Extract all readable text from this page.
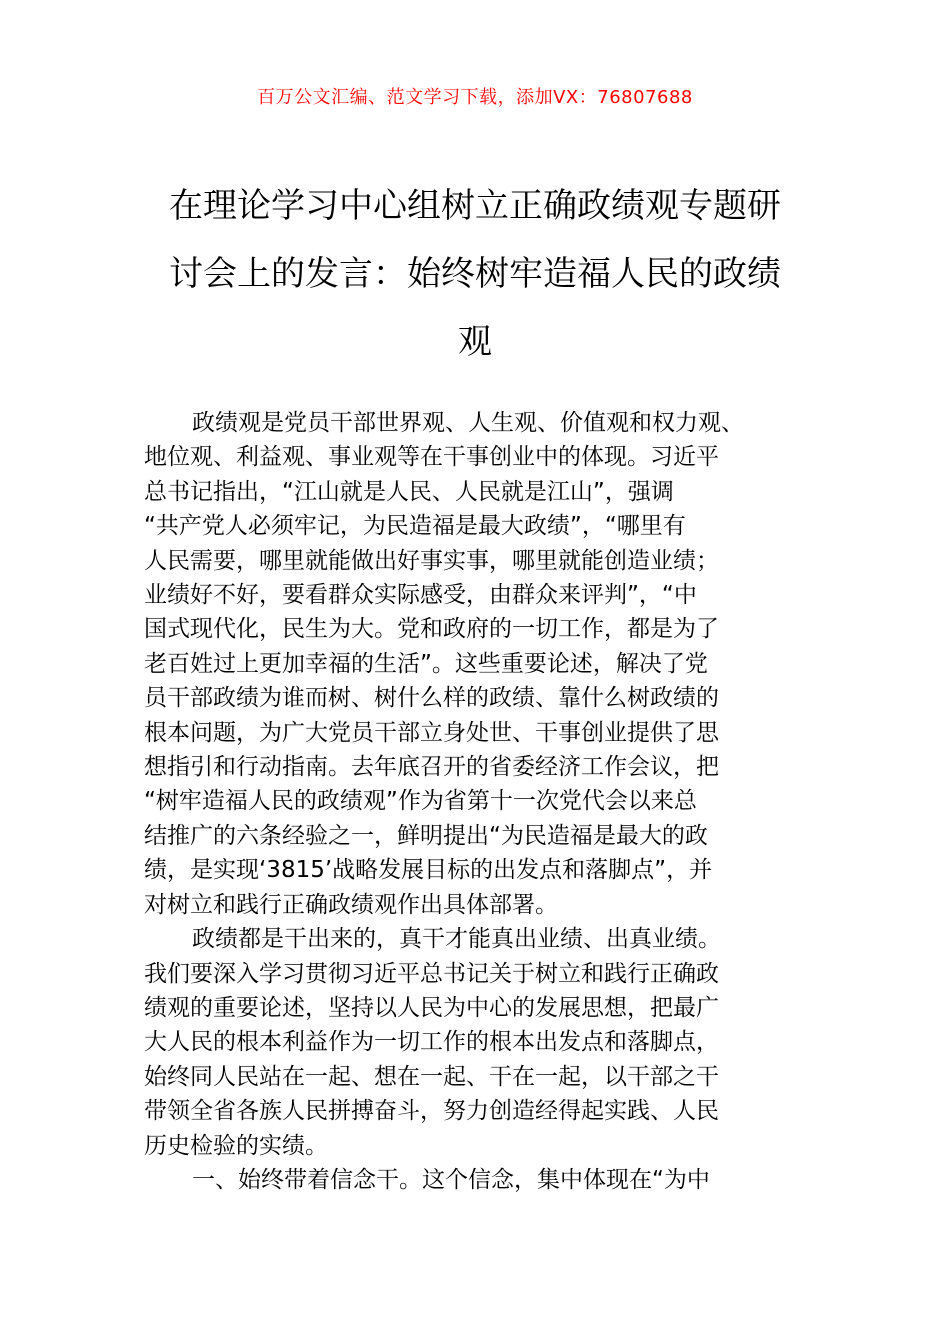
百万公文汇编、范文学习下载，添加VX：76807688
在理论学习中心组树立正确政绩观专题研
讨会上的发言：始终树牢造福人民的政绩
观

政绩观是党员干部世界观、人生观、价值观和权力观、
地位观、利益观、事业观等在干事创业中的体现。习近平
总书记指出，“江山就是人民、人民就是江山”，强调
“共产党人必须牢记，为民造福是最大政绩”，“哪里有
人民需要，哪里就能做出好事实事，哪里就能创造业绩；
业绩好不好，要看群众实际感受，由群众来评判”，“中
国式现代化，民生为大。党和政府的一切工作，都是为了
老百姓过上更加幸福的生活”。这些重要论述，解决了党
员干部政绩为谁而树、树什么样的政绩、靠什么树政绩的
根本问题，为广大党员干部立身处世、干事创业提供了思
想指引和行动指南。去年底召开的省委经济工作会议，把
“树牢造福人民的政绩观”作为省第十一次党代会以来总
结推广的六条经验之一，鲜明提出“为民造福是最大的政
绩，是实现‘3815’战略发展目标的出发点和落脚点”，并
对树立和践行正确政绩观作出具体部署。

政绩都是干出来的，真干才能真出业绩、出真业绩。
我们要深入学习贯彻习近平总书记关于树立和践行正确政
绩观的重要论述，坚持以人民为中心的发展思想，把最广
大人民的根本利益作为一切工作的根本出发点和落脚点，
始终同人民站在一起、想在一起、干在一起，以干部之干
带领全省各族人民拼搏奋斗，努力创造经得起实践、人民
历史检验的实绩。

一、始终带着信念干。这个信念，集中体现在“为中
